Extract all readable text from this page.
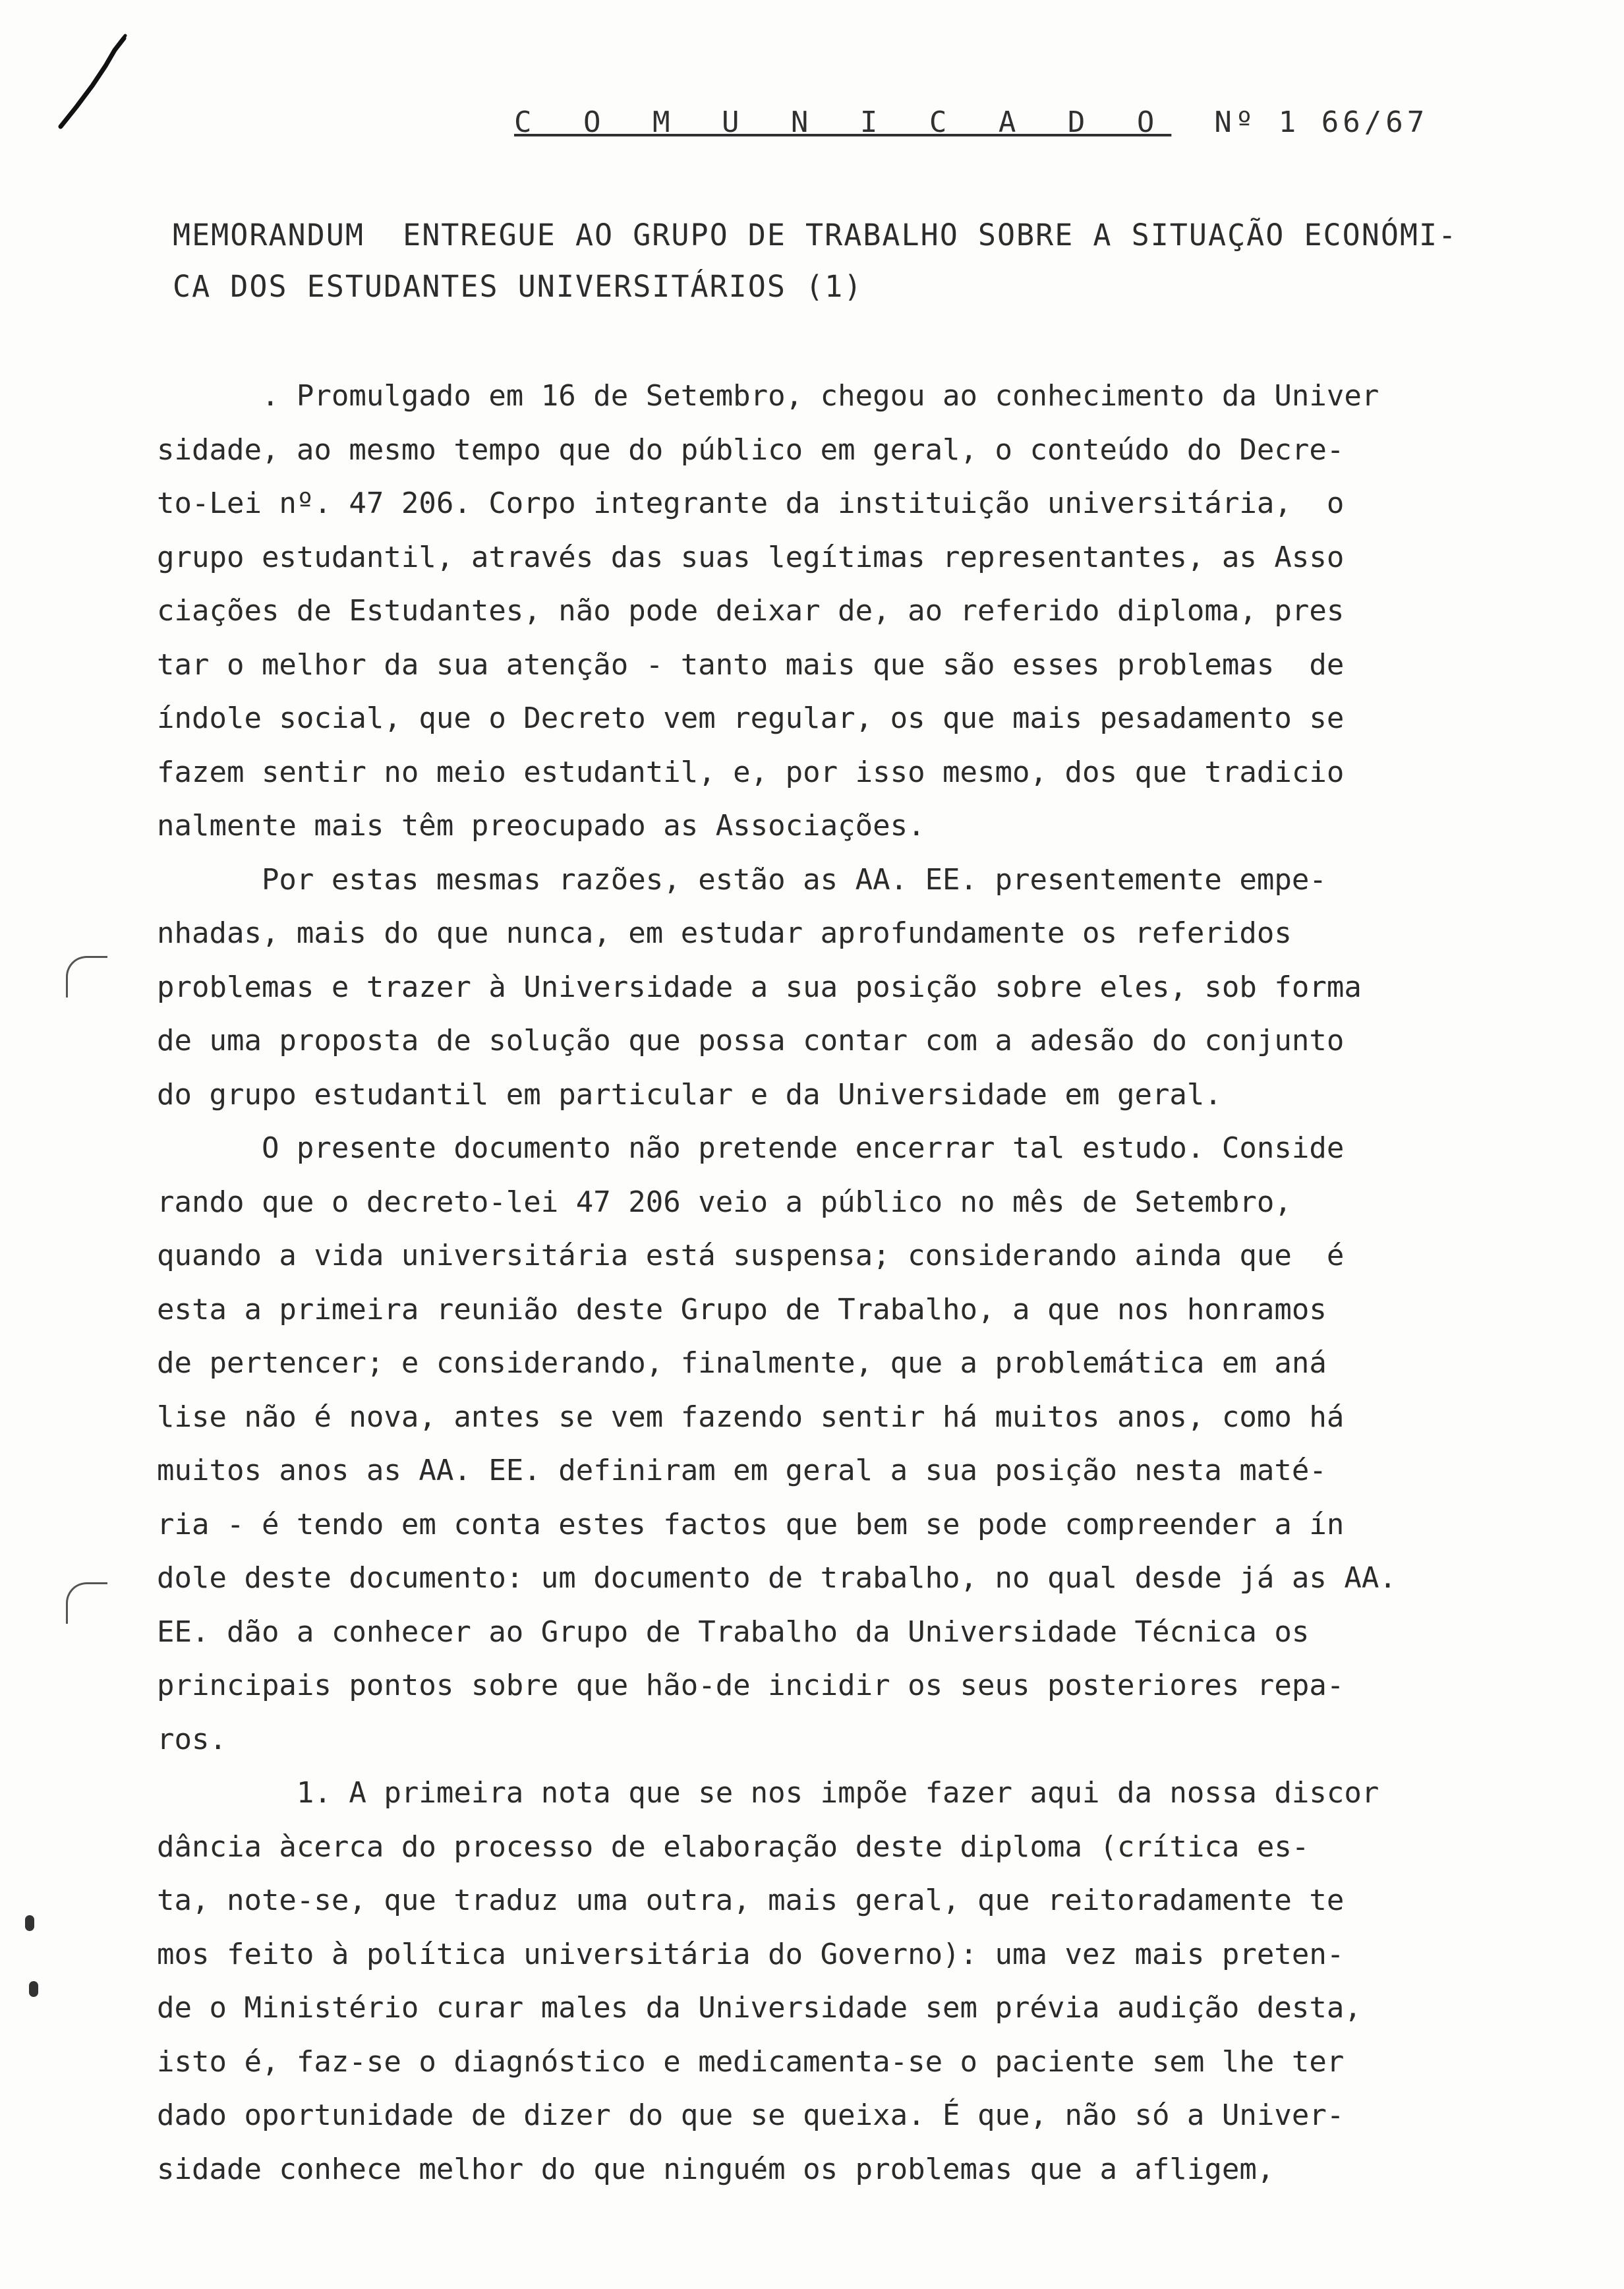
C O M U N I C A D O Nº 1 66/67
MEMORANDUM  ENTREGUE AO GRUPO DE TRABALHO SOBRE A SITUAÇÃO ECONÓMI-
CA DOS ESTUDANTES UNIVERSITÁRIOS (1)
. Promulgado em 16 de Setembro, chegou ao conhecimento da Univer
sidade, ao mesmo tempo que do público em geral, o conteúdo do Decre-
to-Lei nº. 47 206. Corpo integrante da instituição universitária,  o
grupo estudantil, através das suas legítimas representantes, as Asso
ciações de Estudantes, não pode deixar de, ao referido diploma, pres
tar o melhor da sua atenção - tanto mais que são esses problemas  de
índole social, que o Decreto vem regular, os que mais pesadamento se
fazem sentir no meio estudantil, e, por isso mesmo, dos que tradicio
nalmente mais têm preocupado as Associações.
Por estas mesmas razões, estão as AA. EE. presentemente empe-
nhadas, mais do que nunca, em estudar aprofundamente os referidos
problemas e trazer à Universidade a sua posição sobre eles, sob forma
de uma proposta de solução que possa contar com a adesão do conjunto
do grupo estudantil em particular e da Universidade em geral.
O presente documento não pretende encerrar tal estudo. Conside
rando que o decreto-lei 47 206 veio a público no mês de Setembro,
quando a vida universitária está suspensa; considerando ainda que  é
esta a primeira reunião deste Grupo de Trabalho, a que nos honramos
de pertencer; e considerando, finalmente, que a problemática em aná
lise não é nova, antes se vem fazendo sentir há muitos anos, como há
muitos anos as AA. EE. definiram em geral a sua posição nesta maté-
ria - é tendo em conta estes factos que bem se pode compreender a ín
dole deste documento: um documento de trabalho, no qual desde já as AA.
EE. dão a conhecer ao Grupo de Trabalho da Universidade Técnica os
principais pontos sobre que hão-de incidir os seus posteriores repa-
ros.
1. A primeira nota que se nos impõe fazer aqui da nossa discor
dância àcerca do processo de elaboração deste diploma (crítica es-
ta, note-se, que traduz uma outra, mais geral, que reitoradamente te
mos feito à política universitária do Governo): uma vez mais preten-
de o Ministério curar males da Universidade sem prévia audição desta,
isto é, faz-se o diagnóstico e medicamenta-se o paciente sem lhe ter
dado oportunidade de dizer do que se queixa. É que, não só a Univer-
sidade conhece melhor do que ninguém os problemas que a afligem,
